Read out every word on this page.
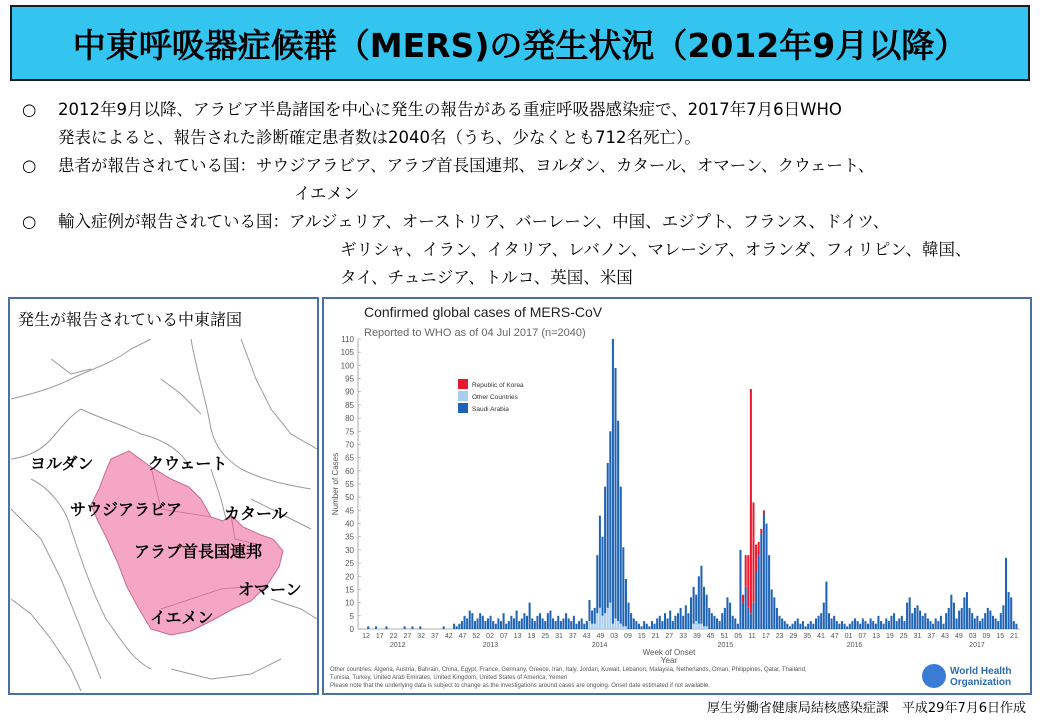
中東呼吸器症候群（MERS)の発生状況（2012年9月以降）
○ 2012年9月以降、アラビア半島諸国を中心に発生の報告がある重症呼吸器感染症で、2017年7月6日WHO
発表によると、報告された診断確定患者数は2040名（うち、少なくとも712名死亡）。
○ 患者が報告されている国：サウジアラビア、アラブ首長国連邦、ヨルダン、カタール、オマーン、クウェート、
イエメン
○ 輸入症例が報告されている国：アルジェリア、オーストリア、バーレーン、中国、エジプト、フランス、ドイツ、
ギリシャ、イラン、イタリア、レバノン、マレーシア、オランダ、フィリピン、韓国、
タイ、チュニジア、トルコ、英国、米国
発生が報告されている中東諸国
ヨルダン	クウェート
サウジアラビア	カタール
アラブ首長国連邦
オマーン
イエメン
Confirmed global cases of MERS-CoV
Reported to WHO as of 04 Jul 2017 (n=2040)
0
5
10
15
20
25
30
35
40
45
50
55
60
65
70
75
80
85
90
95
100
105
110
Number of Cases
12 17 22 27 32 37 42 47 52 02 07 13 19 25 31 37 43 49 03 09 15 21 27 33 39 45 51 05 11 17 23 29 35 41 47 01 07 13 19 25 31 37 43 49 03 09 15 21
2012	2013	2014	2015	2016	2017
Week of Onset
Year
Republic of Korea
Other Countries
Saudi Arabia
Other countries: Algeria, Austria, Bahrain, China, Egypt, France, Germany, Greece, Iran, Italy, Jordan, Kuwait, Lebanon, Malaysia, Netherlands, Oman, Philippines, Qatar, Thailand,
Tunisia, Turkey, United Arab Emirates, United Kingdom, United States of America, Yemen
Please note that the underlying data is subject to change as the investigations around cases are ongoing. Onset date estimated if not available.
World Health
Organization
厚生労働省健康局結核感染症課　平成29年7月6日作成
